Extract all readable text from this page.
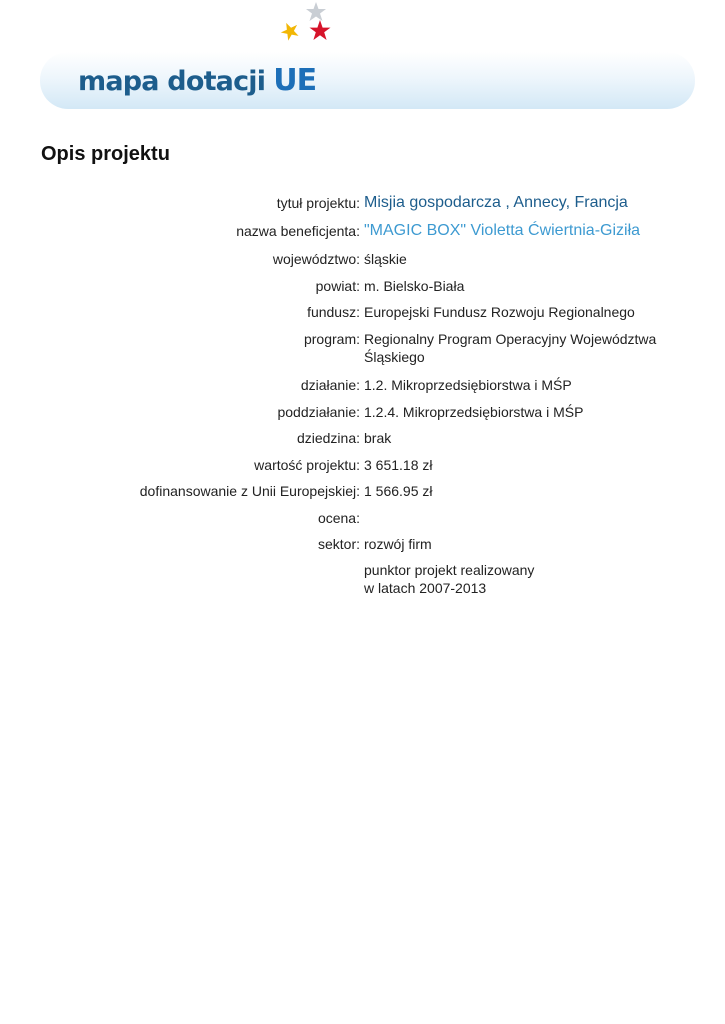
mapa dotacji UE
Opis projektu
tytuł projektu: Misjia gospodarcza , Annecy, Francja
nazwa beneficjenta: "MAGIC BOX" Violetta Ćwiertnia-Giziła
województwo: śląskie
powiat: m. Bielsko-Biała
fundusz: Europejski Fundusz Rozwoju Regionalnego
program: Regionalny Program Operacyjny Województwa
Śląskiego
działanie: 1.2. Mikroprzedsiębiorstwa i MŚP
poddziałanie: 1.2.4. Mikroprzedsiębiorstwa i MŚP
dziedzina: brak
wartość projektu: 3 651.18 zł
dofinansowanie z Unii Europejskiej: 1 566.95 zł
ocena:
sektor: rozwój firm
punktor projekt realizowany
w latach 2007-2013
